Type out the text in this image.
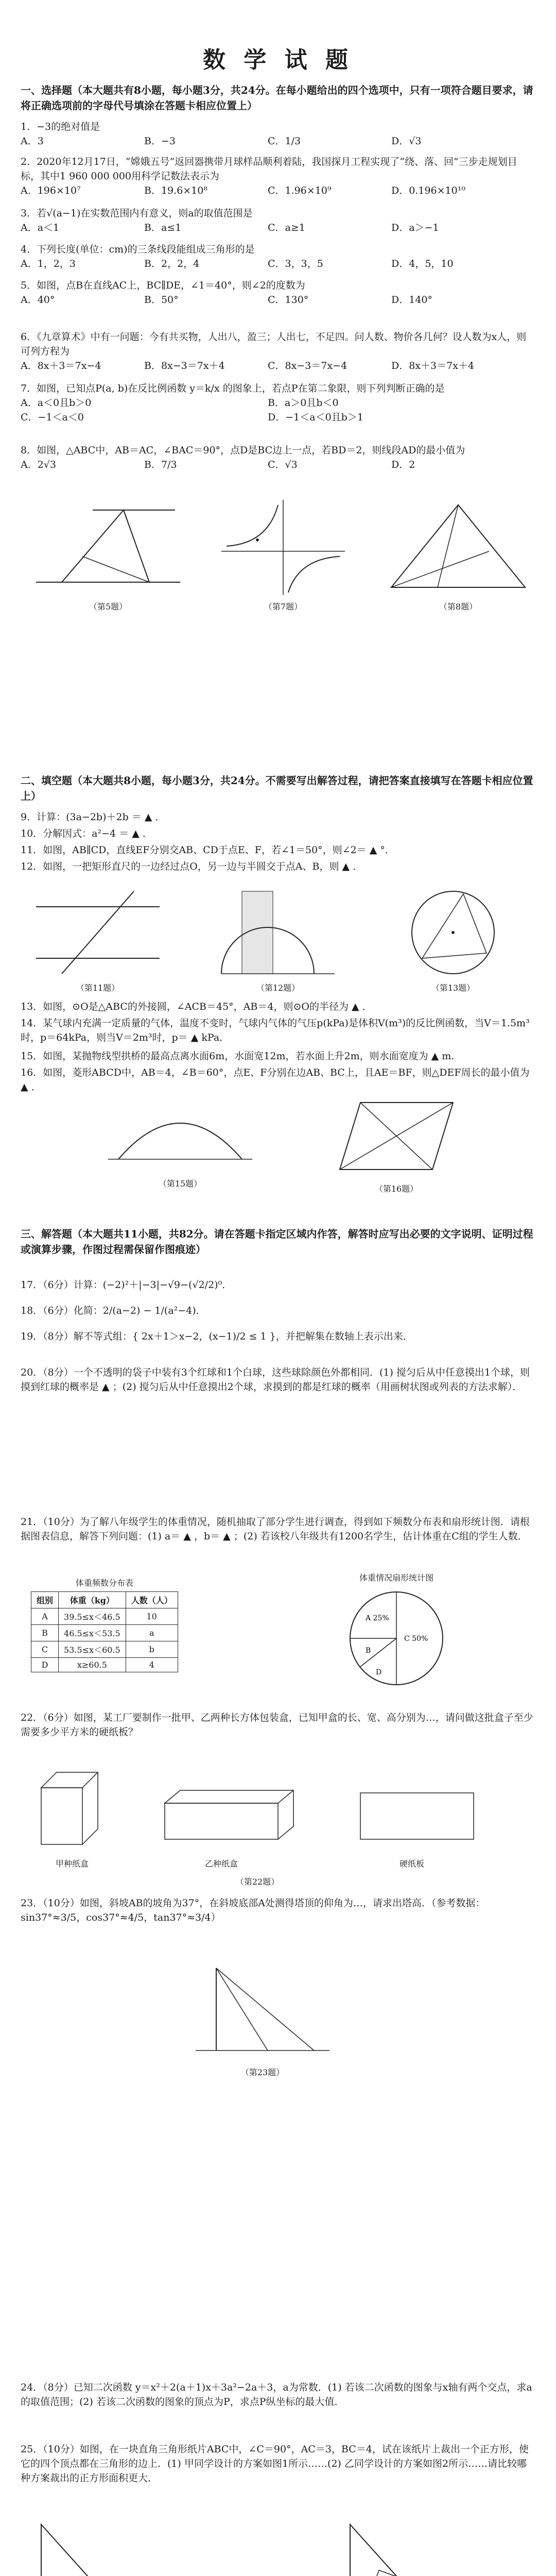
数 学 试 题
一、选择题（本大题共有8小题，每小题3分，共24分。在每小题给出的四个选项中，只有一项符合题目要求，请将正确选项前的字母代号填涂在答题卡相应位置上）
1．−3的绝对值是
A．3	B．−3	C．1/3	D．√3
2．2020年12月17日，“嫦娥五号”返回器携带月球样品顺利着陆，我国探月工程实现了“绕、落、回”三步走规划目标，其中1 960 000 000用科学记数法表示为
A．196×10⁷	B．19.6×10⁸	C．1.96×10⁹	D．0.196×10¹⁰
3．若√(a−1)在实数范围内有意义，则a的取值范围是
A．a＜1	B．a≤1	C．a≥1	D．a＞−1
4．下列长度(单位：cm)的三条线段能组成三角形的是
A．1，2，3	B．2，2，4	C．3，3，5	D．4，5，10
5．如图，点B在直线AC上，BC∥DE，∠1＝40°，则∠2的度数为
A．40°	B．50°	C．130°	D．140°
6．《九章算术》中有一问题：今有共买物，人出八，盈三；人出七，不足四。问人数、物价各几何？设人数为x人，则可列方程为
A．8x＋3＝7x−4	B．8x−3＝7x＋4	C．8x−3＝7x−4	D．8x＋3＝7x＋4
7．如图，已知点P(a, b)在反比例函数 y＝k/x 的图象上，若点P在第二象限，则下列判断正确的是
A．a＜0且b＞0	B．a＞0且b＜0
C．−1＜a＜0	D．−1＜a＜0且b＞1
8．如图，△ABC中，AB＝AC，∠BAC＝90°，点D是BC边上一点，若BD＝2，则线段AD的最小值为
A．2√3	B．7/3	C．√3	D．2
（第5题）	（第7题）	（第8题）
二、填空题（本大题共8小题，每小题3分，共24分。不需要写出解答过程，请把答案直接填写在答题卡相应位置上）
9．计算：(3a−2b)＋2b ＝ ▲ ．
10．分解因式：a²−4 ＝ ▲ ．
11．如图，AB∥CD，直线EF分别交AB、CD于点E、F，若∠1＝50°，则∠2＝ ▲ °．
12．如图，一把矩形直尺的一边经过点O，另一边与半圆交于点A、B，则 ▲ ．
（第11题）	（第12题）	（第13题）
13．如图，⊙O是△ABC的外接圆，∠ACB＝45°，AB＝4，则⊙O的半径为 ▲ ．
14．某气球内充满一定质量的气体，温度不变时，气球内气体的气压p(kPa)是体积V(m³)的反比例函数，当V＝1.5m³时，p＝64kPa，则当V＝2m³时，p＝ ▲ kPa．
15．如图，某抛物线型拱桥的最高点离水面6m，水面宽12m，若水面上升2m，则水面宽度为 ▲ m．
16．如图，菱形ABCD中，AB＝4，∠B＝60°，点E、F分别在边AB、BC上，且AE＝BF，则△DEF周长的最小值为 ▲ ．
（第15题）
（第16题）
三、解答题（本大题共11小题，共82分。请在答题卡指定区域内作答，解答时应写出必要的文字说明、证明过程或演算步骤，作图过程需保留作图痕迹）
17．（6分）计算：(−2)²＋|−3|−√9−(√2/2)⁰．
18．（6分）化简：2/(a−2) − 1/(a²−4)．
19．（8分）解不等式组：{ 2x＋1＞x−2，(x−1)/2 ≤ 1 }，并把解集在数轴上表示出来．
20．（8分）一个不透明的袋子中装有3个红球和1个白球，这些球除颜色外都相同．(1) 搅匀后从中任意摸出1个球，则摸到红球的概率是 ▲ ；(2) 搅匀后从中任意摸出2个球，求摸到的都是红球的概率（用画树状图或列表的方法求解）．
21．（10分）为了解八年级学生的体重情况，随机抽取了部分学生进行调查，得到如下频数分布表和扇形统计图．请根据图表信息，解答下列问题：(1) a＝ ▲ ，b＝ ▲ ；(2) 若该校八年级共有1200名学生，估计体重在C组的学生人数．
体重频数分布表
组别	体重（kg）	人数（人）
A	39.5≤x＜46.5	10
B	46.5≤x＜53.5	a
C	53.5≤x＜60.5	b
D	x≥60.5	4
体重情况扇形统计图
A 25%
B
C 50%
D
22．（6分）如图，某工厂要制作一批甲、乙两种长方体包装盒，已知甲盒的长、宽、高分别为…，请问做这批盒子至少需要多少平方米的硬纸板？
甲种纸盒	乙种纸盒	硬纸板
（第22题）
23．（10分）如图，斜坡AB的坡角为37°，在斜坡底部A处测得塔顶的仰角为…，请求出塔高．（参考数据：sin37°≈3/5，cos37°≈4/5，tan37°≈3/4）
（第23题）
24．（8分）已知二次函数 y＝x²＋2(a＋1)x＋3a²−2a＋3，a为常数．(1) 若该二次函数的图象与x轴有两个交点，求a的取值范围；(2) 若该二次函数的图象的顶点为P，求点P纵坐标的最大值．
25．（10分）如图，在一块直角三角形纸片ABC中，∠C＝90°，AC＝3，BC＝4，试在该纸片上裁出一个正方形，使它的四个顶点都在三角形的边上．(1) 甲同学设计的方案如图1所示……(2) 乙同学设计的方案如图2所示……请比较哪种方案裁出的正方形面积更大．
